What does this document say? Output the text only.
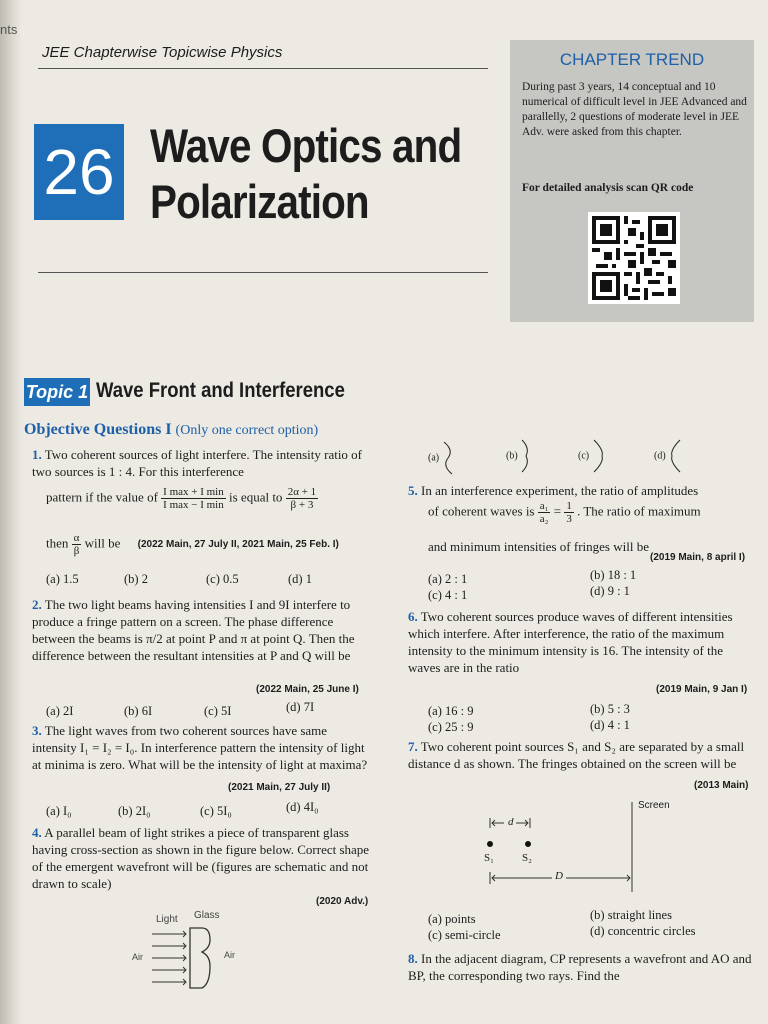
nts
JEE Chapterwise Topicwise Physics
26 Wave Optics and
Polarization
CHAPTER TREND
During past 3 years, 14 conceptual and 10 numerical of difficult level in JEE Advanced and parallelly, 2 questions of moderate level in JEE Adv. were asked from this chapter.
For detailed analysis scan QR code
Topic 1 Wave Front and Interference
Objective Questions I (Only one correct option)
1. Two coherent sources of light interfere. The intensity ratio of two sources is 1 : 4. For this interference
pattern if the value of $\frac{\text{I max + I min}}{\text{I max − I min}}$ is equal to $\frac{2\alpha + 1}{\beta + 3}$
then $\frac{\alpha}{\beta}$ will be (2022 Main, 27 July II, 2021 Main, 25 Feb. I)
(a) 1.5	(b) 2	(c) 0.5	(d) 1
2. The two light beams having intensities I and 9I interfere to produce a fringe pattern on a screen. The phase difference between the beams is π/2 at point P and π at point Q. Then the difference between the resultant intensities at P and Q will be
(2022 Main, 25 June I)
(a) 2I	(b) 6I	(c) 5I	(d) 7I
3. The light waves from two coherent sources have same intensity I₁ = I₂ = I₀. In interference pattern the intensity of light at minima is zero. What will be the intensity of light at maxima?
(2021 Main, 27 July II)
(a) I₀	(b) 2I₀	(c) 5I₀	(d) 4I₀
4. A parallel beam of light strikes a piece of transparent glass having cross-section as shown in the figure below. Correct shape of the emergent wavefront will be (figures are schematic and not drawn to scale)
(2020 Adv.)
Light Glass
Air	Air
(a)	(b)	(c)	(d)
5. In an interference experiment, the ratio of amplitudes
of coherent waves is $\frac{\text{a₁}}{\text{a₂}} = \frac{1}{3}$ . The ratio of maximum
and minimum intensities of fringes will be
(2019 Main, 8 april I)
(a) 2 : 1	(b) 18 : 1
(c) 4 : 1	(d) 9 : 1
6. Two coherent sources produce waves of different intensities which interfere. After interference, the ratio of the maximum intensity to the minimum intensity is 16. The intensity of the waves are in the ratio
(2019 Main, 9 Jan I)
(a) 16 : 9	(b) 5 : 3
(c) 25 : 9	(d) 4 : 1
7. Two coherent point sources S₁ and S₂ are separated by a small distance d as shown. The fringes obtained on the screen will be
(2013 Main)
Screen
d
S₁	S₂
D
(a) points	(b) straight lines
(c) semi-circle	(d) concentric circles
8. In the adjacent diagram, CP represents a wavefront and AO and BP, the corresponding two rays. Find the
